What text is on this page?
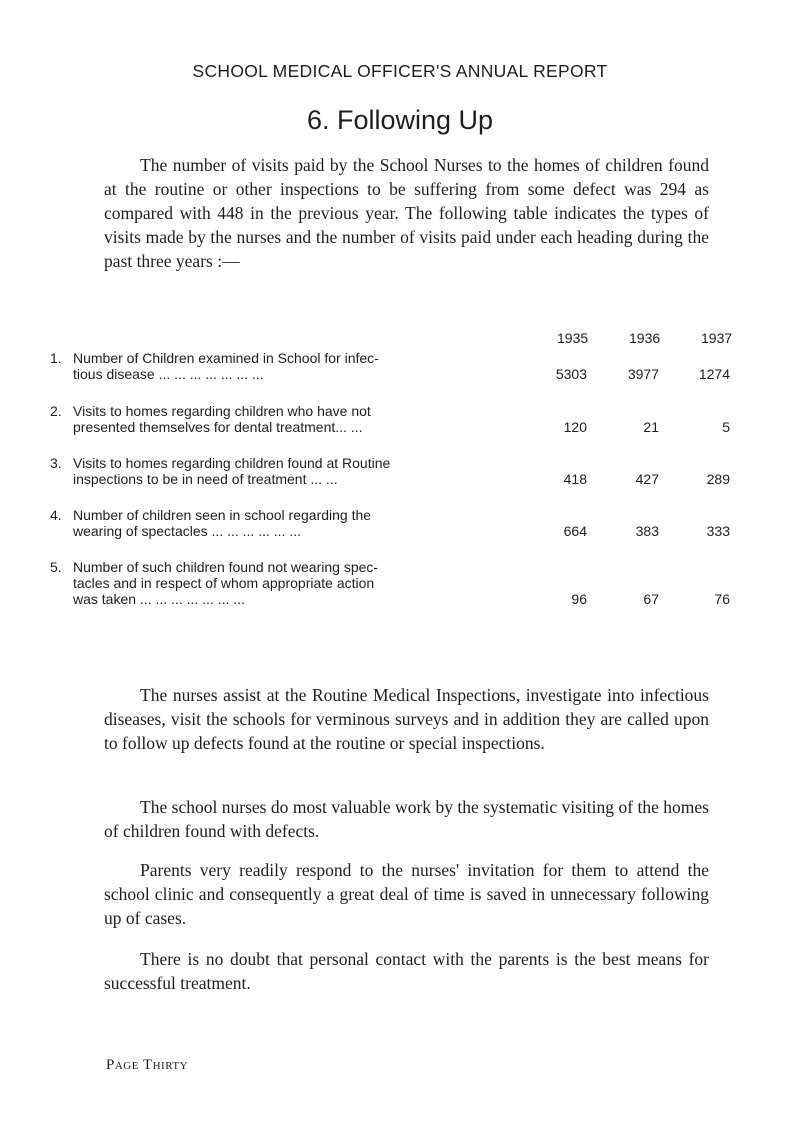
SCHOOL MEDICAL OFFICER'S ANNUAL REPORT
6. Following Up

The number of visits paid by the School Nurses to the homes of children found at the routine or other inspections to be suffering from some defect was 294 as compared with 448 in the previous year. The following table indicates the types of visits made by the nurses and the number of visits paid under each heading during the past three years :—

1935	1936	1937
1. Number of Children examined in School for infec-
tious disease ... ... ... ... ... ... ...	5303	3977	1274
2. Visits to homes regarding children who have not
presented themselves for dental treatment... ...	120	21	5
3. Visits to homes regarding children found at Routine
inspections to be in need of treatment ... ...	418	427	289
4. Number of children seen in school regarding the
wearing of spectacles ... ... ... ... ... ...	664	383	333
5. Number of such children found not wearing spec-
tacles and in respect of whom appropriate action
was taken ... ... ... ... ... ... ...	96	67	76

The nurses assist at the Routine Medical Inspections, investigate into infectious diseases, visit the schools for verminous surveys and in addition they are called upon to follow up defects found at the routine or special inspections.

The school nurses do most valuable work by the systematic visiting of the homes of children found with defects.

Parents very readily respond to the nurses' invitation for them to attend the school clinic and consequently a great deal of time is saved in unnecessary following up of cases.

There is no doubt that personal contact with the parents is the best means for successful treatment.

Page Thirty
